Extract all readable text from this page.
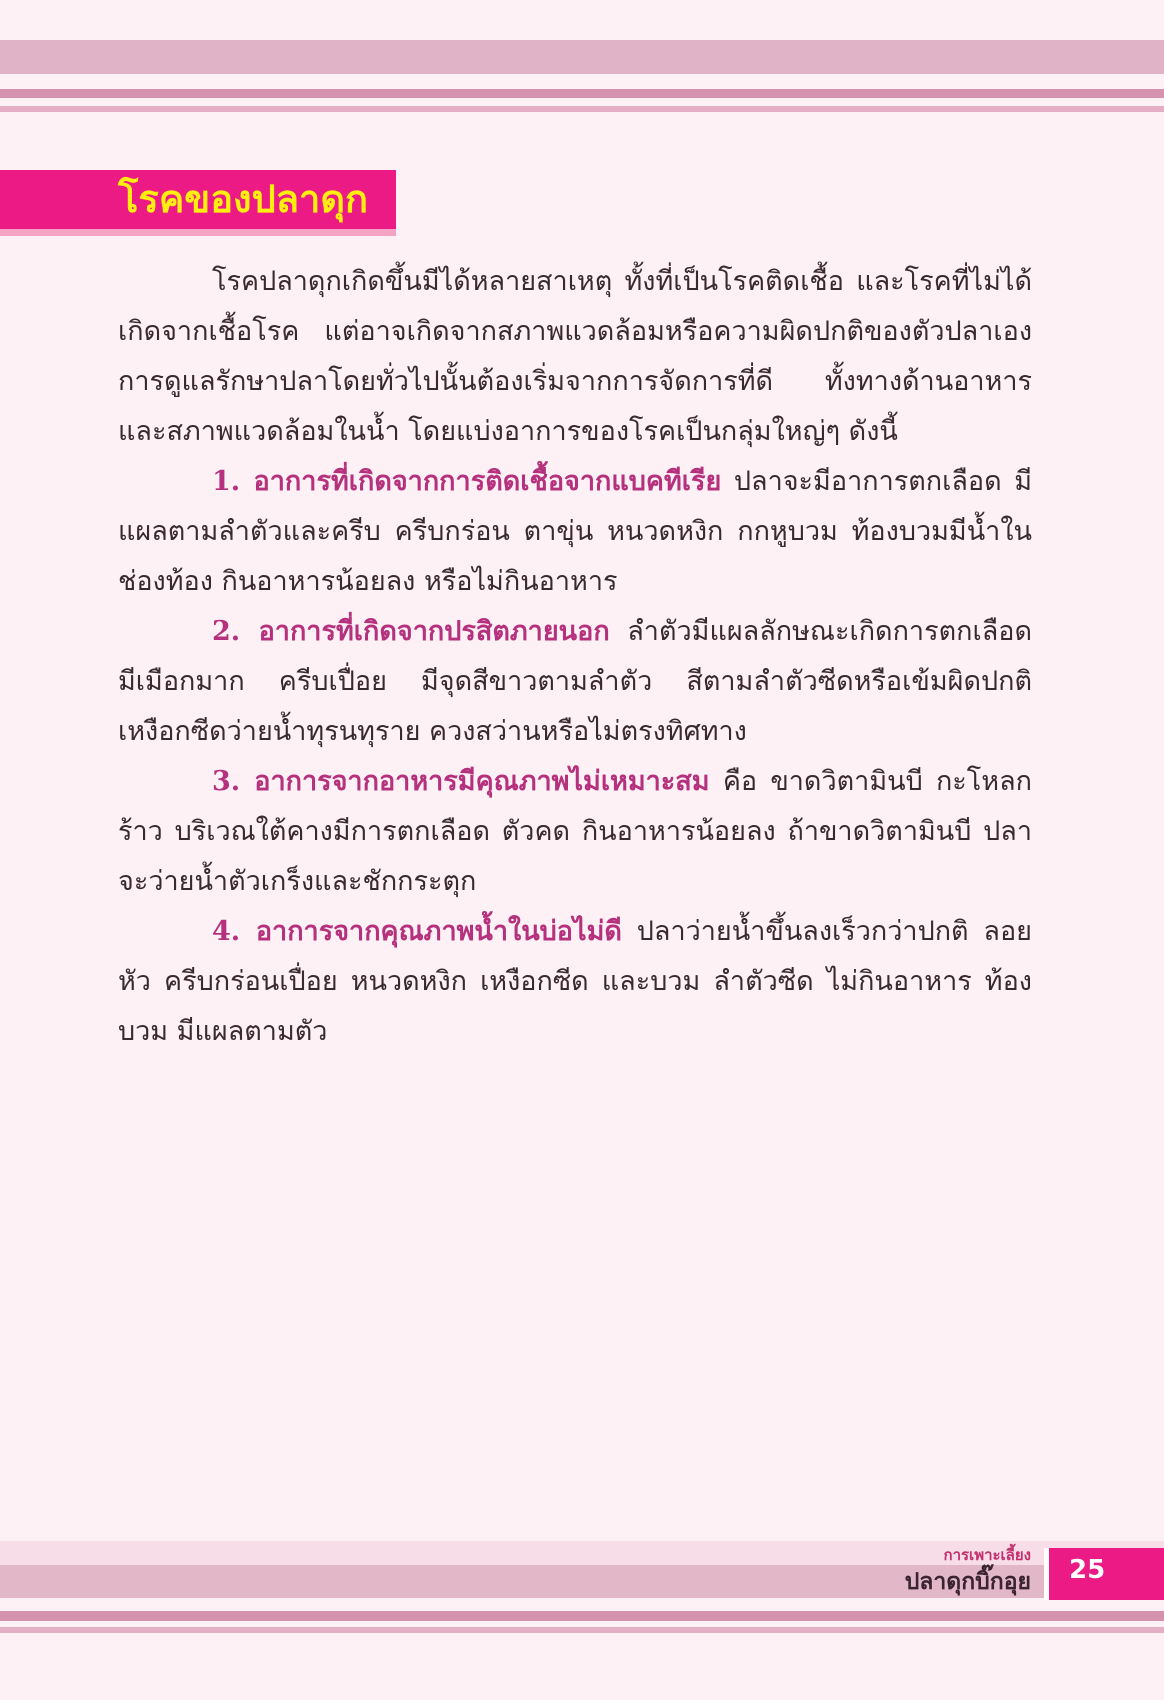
โรคของปลาดุก

โรคปลาดุกเกิดขึ้นมีได้หลายสาเหตุ ทั้งที่เป็นโรคติดเชื้อ และโรคที่ไม่ได้เกิดจากเชื้อโรค แต่อาจเกิดจากสภาพแวดล้อมหรือความผิดปกติของตัวปลาเอง การดูแลรักษาปลาโดยทั่วไปนั้นต้องเริ่มจากการจัดการที่ดี ทั้งทางด้านอาหาร และสภาพแวดล้อมในน้ำ โดยแบ่งอาการของโรคเป็นกลุ่มใหญ่ๆ ดังนี้

1. อาการที่เกิดจากการติดเชื้อจากแบคทีเรีย ปลาจะมีอาการตกเลือด มีแผลตามลำตัวและครีบ ครีบกร่อน ตาขุ่น หนวดหงิก กกหูบวม ท้องบวมมีน้ำในช่องท้อง กินอาหารน้อยลง หรือไม่กินอาหาร

2. อาการที่เกิดจากปรสิตภายนอก ลำตัวมีแผลลักษณะเกิดการตกเลือด มีเมือกมาก ครีบเปื่อย มีจุดสีขาวตามลำตัว สีตามลำตัวซีดหรือเข้มผิดปกติ เหงือกซีดว่ายน้ำทุรนทุราย ควงสว่านหรือไม่ตรงทิศทาง

3. อาการจากอาหารมีคุณภาพไม่เหมาะสม คือ ขาดวิตามินบี กะโหลกร้าว บริเวณใต้คางมีการตกเลือด ตัวคด กินอาหารน้อยลง ถ้าขาดวิตามินบี ปลาจะว่ายน้ำตัวเกร็งและชักกระตุก

4. อาการจากคุณภาพน้ำในบ่อไม่ดี ปลาว่ายน้ำขึ้นลงเร็วกว่าปกติ ลอยหัว ครีบกร่อนเปื่อย หนวดหงิก เหงือกซีด และบวม ลำตัวซีด ไม่กินอาหาร ท้องบวม มีแผลตามตัว

การเพาะเลี้ยง
ปลาดุกบิ๊กอุย 25
